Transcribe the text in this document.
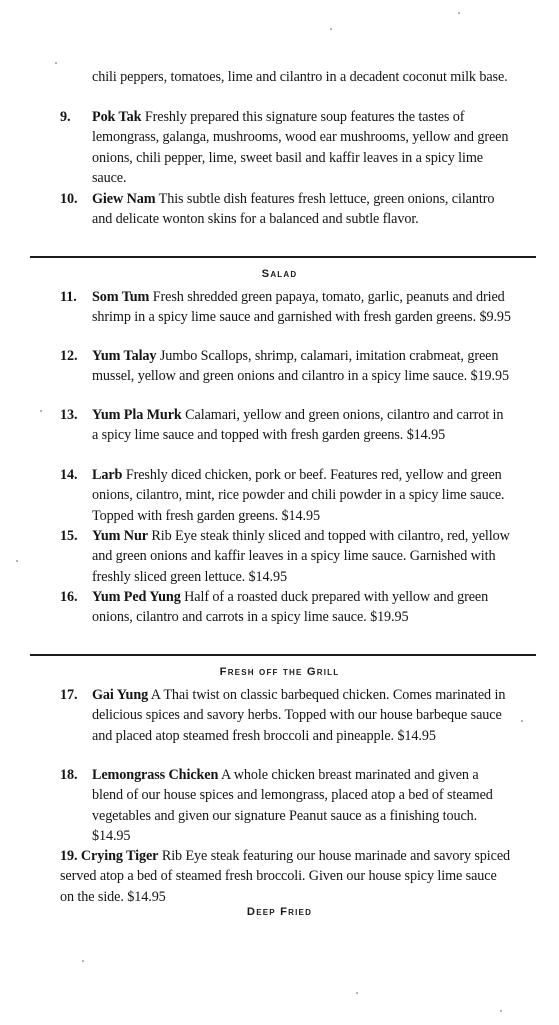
chili peppers, tomatoes, lime and cilantro in a decadent coconut milk base.
9.	Pok Tak Freshly prepared this signature soup features the tastes of lemongrass, galanga, mushrooms, wood ear mushrooms, yellow and green onions, chili pepper, lime, sweet basil and kaffir leaves in a spicy lime sauce.
10.	Giew Nam This subtle dish features fresh lettuce, green onions, cilantro and delicate wonton skins for a balanced and subtle flavor.
Salad
11.	Som Tum Fresh shredded green papaya, tomato, garlic, peanuts and dried shrimp in a spicy lime sauce and garnished with fresh garden greens. $9.95
12.	Yum Talay Jumbo Scallops, shrimp, calamari, imitation crabmeat, green mussel, yellow and green onions and cilantro in a spicy lime sauce. $19.95
13.	Yum Pla Murk Calamari, yellow and green onions, cilantro and carrot in a spicy lime sauce and topped with fresh garden greens. $14.95
14.	Larb Freshly diced chicken, pork or beef. Features red, yellow and green onions, cilantro, mint, rice powder and chili powder in a spicy lime sauce. Topped with fresh garden greens. $14.95
15.	Yum Nur Rib Eye steak thinly sliced and topped with cilantro, red, yellow and green onions and kaffir leaves in a spicy lime sauce. Garnished with freshly sliced green lettuce. $14.95
16.	Yum Ped Yung Half of a roasted duck prepared with yellow and green onions, cilantro and carrots in a spicy lime sauce. $19.95
Fresh off the Grill
17.	Gai Yung A Thai twist on classic barbequed chicken. Comes marinated in delicious spices and savory herbs. Topped with our house barbeque sauce and placed atop steamed fresh broccoli and pineapple. $14.95
18.	Lemongrass Chicken A whole chicken breast marinated and given a blend of our house spices and lemongrass, placed atop a bed of steamed vegetables and given our signature Peanut sauce as a finishing touch. $14.95
19. Crying Tiger Rib Eye steak featuring our house marinade and savory spiced served atop a bed of steamed fresh broccoli. Given our house spicy lime sauce on the side. $14.95
Deep Fried
